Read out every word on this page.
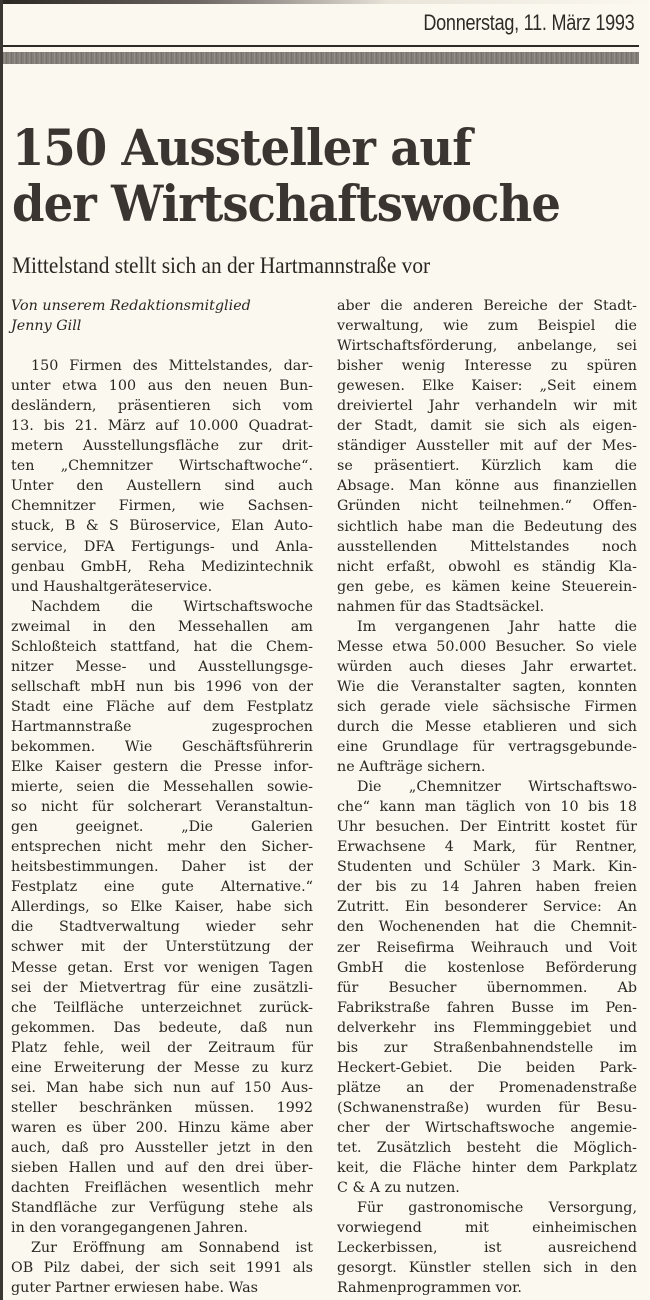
Donnerstag, 11. März 1993
150 Aussteller auf
der Wirtschaftswoche
Mittelstand stellt sich an der Hartmannstraße vor
Von unserem Redaktionsmitglied
Jenny Gill
150 Firmen des Mittelstandes, dar-
unter etwa 100 aus den neuen Bun-
desländern, präsentieren sich vom
13. bis 21. März auf 10.000 Quadrat-
metern Ausstellungsfläche zur drit-
ten „Chemnitzer Wirtschaftwoche“.
Unter den Austellern sind auch
Chemnitzer Firmen, wie Sachsen-
stuck, B & S Büroservice, Elan Auto-
service, DFA Fertigungs- und Anla-
genbau GmbH, Reha Medizintechnik
und Haushaltgeräteservice.
Nachdem die Wirtschaftswoche
zweimal in den Messehallen am
Schloßteich stattfand, hat die Chem-
nitzer Messe- und Ausstellungsge-
sellschaft mbH nun bis 1996 von der
Stadt eine Fläche auf dem Festplatz
Hartmannstraße zugesprochen
bekommen. Wie Geschäftsführerin
Elke Kaiser gestern die Presse infor-
mierte, seien die Messehallen sowie-
so nicht für solcherart Veranstaltun-
gen geeignet. „Die Galerien
entsprechen nicht mehr den Sicher-
heitsbestimmungen. Daher ist der
Festplatz eine gute Alternative.“
Allerdings, so Elke Kaiser, habe sich
die Stadtverwaltung wieder sehr
schwer mit der Unterstützung der
Messe getan. Erst vor wenigen Tagen
sei der Mietvertrag für eine zusätzli-
che Teilfläche unterzeichnet zurück-
gekommen. Das bedeute, daß nun
Platz fehle, weil der Zeitraum für
eine Erweiterung der Messe zu kurz
sei. Man habe sich nun auf 150 Aus-
steller beschränken müssen. 1992
waren es über 200. Hinzu käme aber
auch, daß pro Aussteller jetzt in den
sieben Hallen und auf den drei über-
dachten Freiflächen wesentlich mehr
Standfläche zur Verfügung stehe als
in den vorangegangenen Jahren.
Zur Eröffnung am Sonnabend ist
OB Pilz dabei, der sich seit 1991 als
guter Partner erwiesen habe. Was
aber die anderen Bereiche der Stadt-
verwaltung, wie zum Beispiel die
Wirtschaftsförderung, anbelange, sei
bisher wenig Interesse zu spüren
gewesen. Elke Kaiser: „Seit einem
dreiviertel Jahr verhandeln wir mit
der Stadt, damit sie sich als eigen-
ständiger Aussteller mit auf der Mes-
se präsentiert. Kürzlich kam die
Absage. Man könne aus finanziellen
Gründen nicht teilnehmen.“ Offen-
sichtlich habe man die Bedeutung des
ausstellenden Mittelstandes noch
nicht erfaßt, obwohl es ständig Kla-
gen gebe, es kämen keine Steuerein-
nahmen für das Stadtsäckel.
Im vergangenen Jahr hatte die
Messe etwa 50.000 Besucher. So viele
würden auch dieses Jahr erwartet.
Wie die Veranstalter sagten, konnten
sich gerade viele sächsische Firmen
durch die Messe etablieren und sich
eine Grundlage für vertragsgebunde-
ne Aufträge sichern.
Die „Chemnitzer Wirtschaftswo-
che“ kann man täglich von 10 bis 18
Uhr besuchen. Der Eintritt kostet für
Erwachsene 4 Mark, für Rentner,
Studenten und Schüler 3 Mark. Kin-
der bis zu 14 Jahren haben freien
Zutritt. Ein besonderer Service: An
den Wochenenden hat die Chemnit-
zer Reisefirma Weihrauch und Voit
GmbH die kostenlose Beförderung
für Besucher übernommen. Ab
Fabrikstraße fahren Busse im Pen-
delverkehr ins Flemminggebiet und
bis zur Straßenbahnendstelle im
Heckert-Gebiet. Die beiden Park-
plätze an der Promenadenstraße
(Schwanenstraße) wurden für Besu-
cher der Wirtschaftswoche angemie-
tet. Zusätzlich besteht die Möglich-
keit, die Fläche hinter dem Parkplatz
C & A zu nutzen.
Für gastronomische Versorgung,
vorwiegend mit einheimischen
Leckerbissen, ist ausreichend
gesorgt. Künstler stellen sich in den
Rahmenprogrammen vor.
